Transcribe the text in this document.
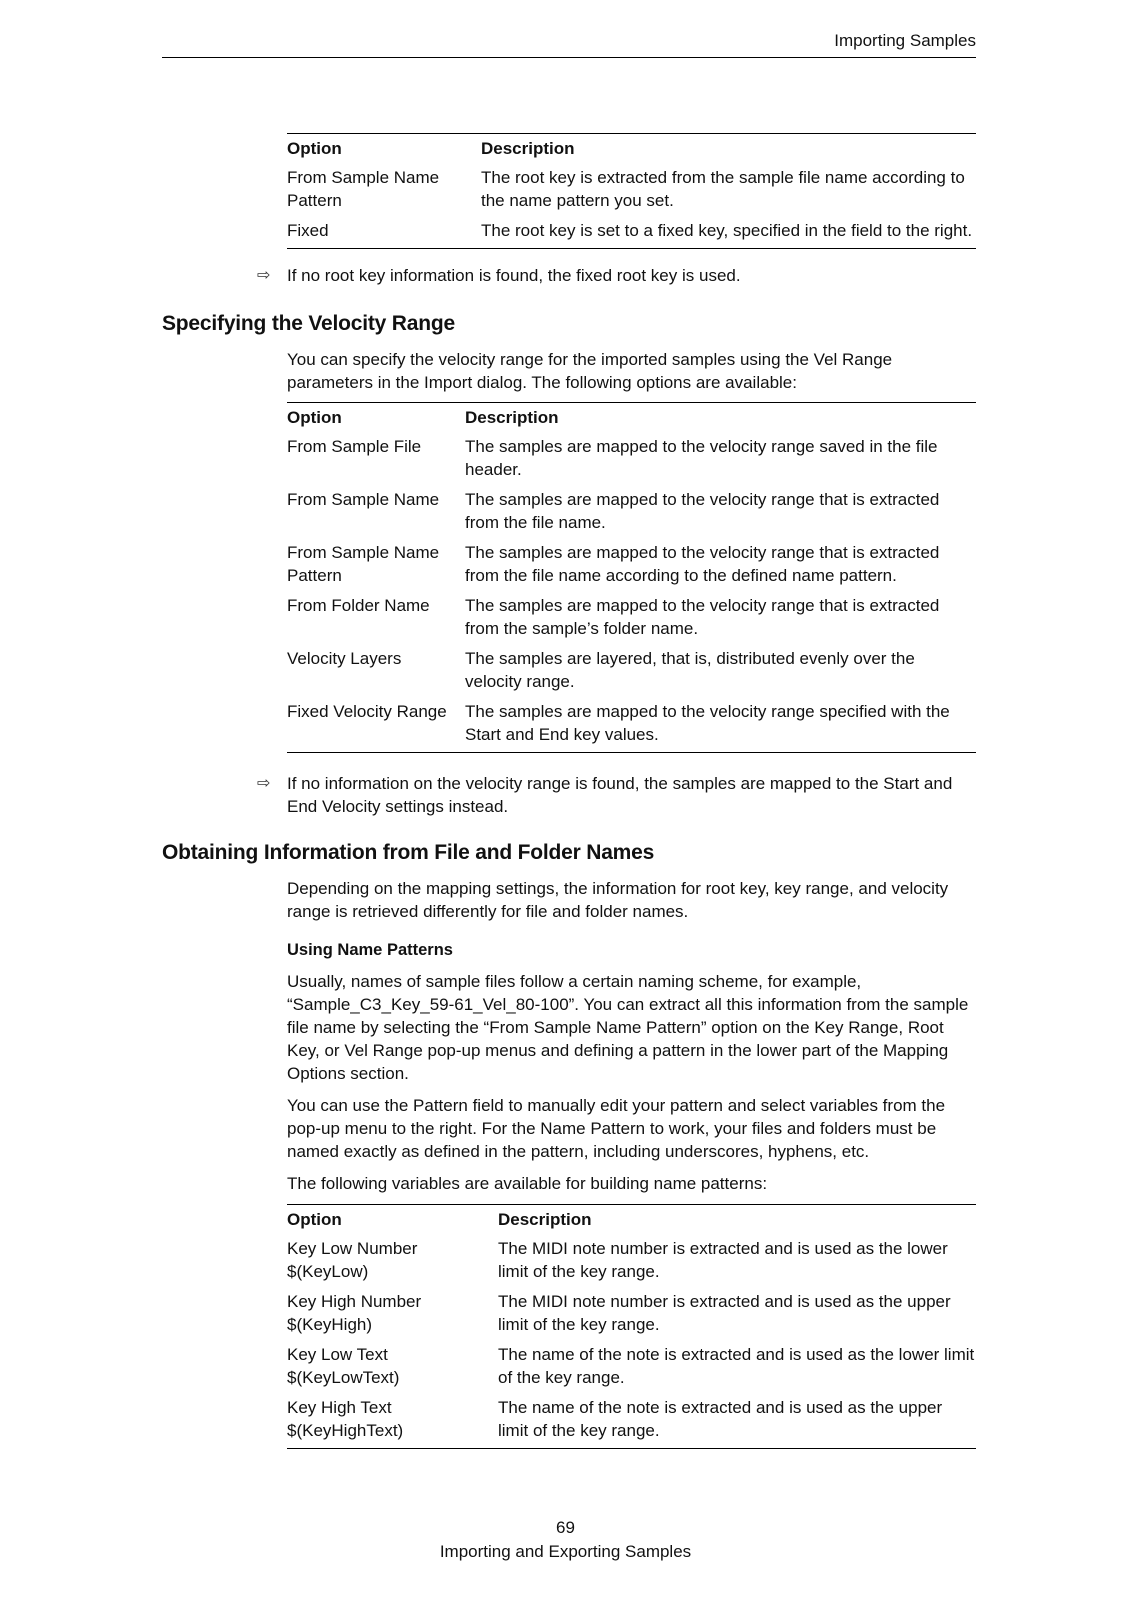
Importing Samples
Option	Description

From Sample Name Pattern	The root key is extracted from the sample file name according to the name pattern you set.
Fixed	The root key is set to a fixed key, specified in the field to the right.
⇨ If no root key information is found, the fixed root key is used.
Specifying the Velocity Range

You can specify the velocity range for the imported samples using the Vel Range parameters in the Import dialog. The following options are available:

Option	Description
From Sample File	The samples are mapped to the velocity range saved in the file header.
From Sample Name	The samples are mapped to the velocity range that is extracted from the file name.

From Sample Name Pattern	The samples are mapped to the velocity range that is extracted from the file name according to the defined name pattern.
From Folder Name	The samples are mapped to the velocity range that is extracted from the sample’s folder name.
Velocity Layers	The samples are layered, that is, distributed evenly over the velocity range.
Fixed Velocity Range	The samples are mapped to the velocity range specified with the Start and End key values.
⇨ If no information on the velocity range is found, the samples are mapped to the Start and End Velocity settings instead.
Obtaining Information from File and Folder Names

Depending on the mapping settings, the information for root key, key range, and velocity range is retrieved differently for file and folder names.

Using Name Patterns

Usually, names of sample files follow a certain naming scheme, for example, “Sample_C3_Key_59-61_Vel_80-100”. You can extract all this information from the sample file name by selecting the “From Sample Name Pattern” option on the Key Range, Root Key, or Vel Range pop-up menus and defining a pattern in the lower part of the Mapping Options section.

You can use the Pattern field to manually edit your pattern and select variables from the pop-up menu to the right. For the Name Pattern to work, your files and folders must be named exactly as defined in the pattern, including underscores, hyphens, etc.

The following variables are available for building name patterns:

Option	Description

Key Low Number $(KeyLow)	The MIDI note number is extracted and is used as the lower limit of the key range.

Key High Number $(KeyHigh)	The MIDI note number is extracted and is used as the upper limit of the key range.

Key Low Text $(KeyLowText)	The name of the note is extracted and is used as the lower limit of the key range.

Key High Text $(KeyHighText)	The name of the note is extracted and is used as the upper limit of the key range.
69
Importing and Exporting Samples
